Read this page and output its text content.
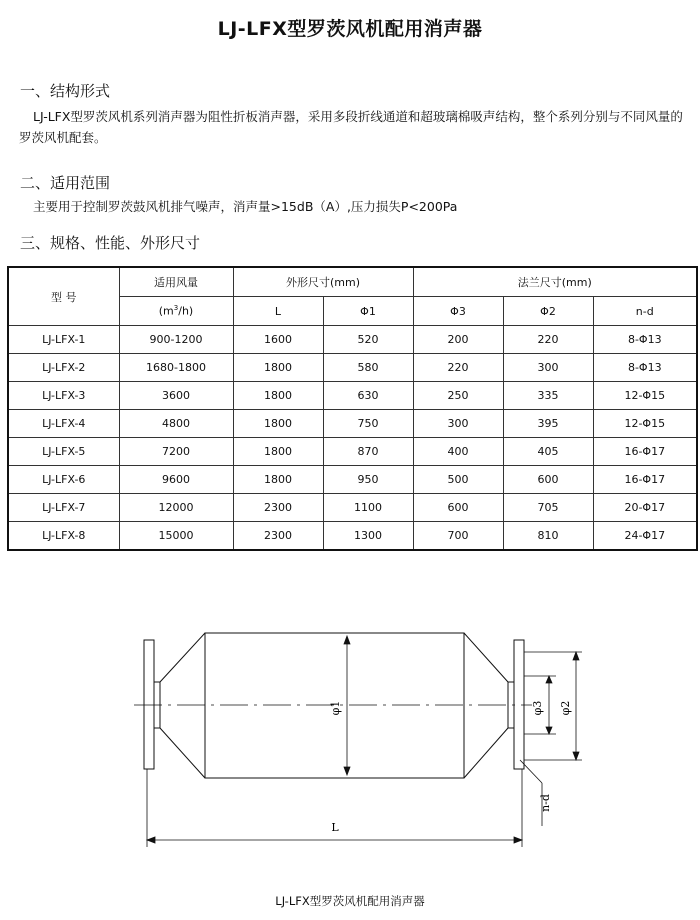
LJ-LFX型罗茨风机配用消声器
一、结构形式
LJ-LFX型罗茨风机系列消声器为阻性折板消声器，采用多段折线通道和超玻璃棉吸声结构，整个系列分别与不同风量的罗茨风机配套。
二、适用范围
主要用于控制罗茨鼓风机排气噪声，消声量>15dB（A）,压力损失P<200Pa
三、规格、性能、外形尺寸
型 号	适用风量	外形尺寸(mm)		法兰尺寸(mm)		
	$(m^3/h)$	L	Φ1	Φ3	Φ2	n-d
LJ-LFX-1	900-1200	1600	520	200	220	8-Φ13
LJ-LFX-2	1680-1800	1800	580	220	300	8-Φ13
LJ-LFX-3	3600	1800	630	250	335	12-Φ15
LJ-LFX-4	4800	1800	750	300	395	12-Φ15
LJ-LFX-5	7200	1800	870	400	405	16-Φ17
LJ-LFX-6	9600	1800	950	500	600	16-Φ17
LJ-LFX-7	12000	2300	1100	600	705	20-Φ17
LJ-LFX-8	15000	2300	1300	700	810	24-Φ17
φ1	φ3 φ2
n-d
L
LJ-LFX型罗茨风机配用消声器
